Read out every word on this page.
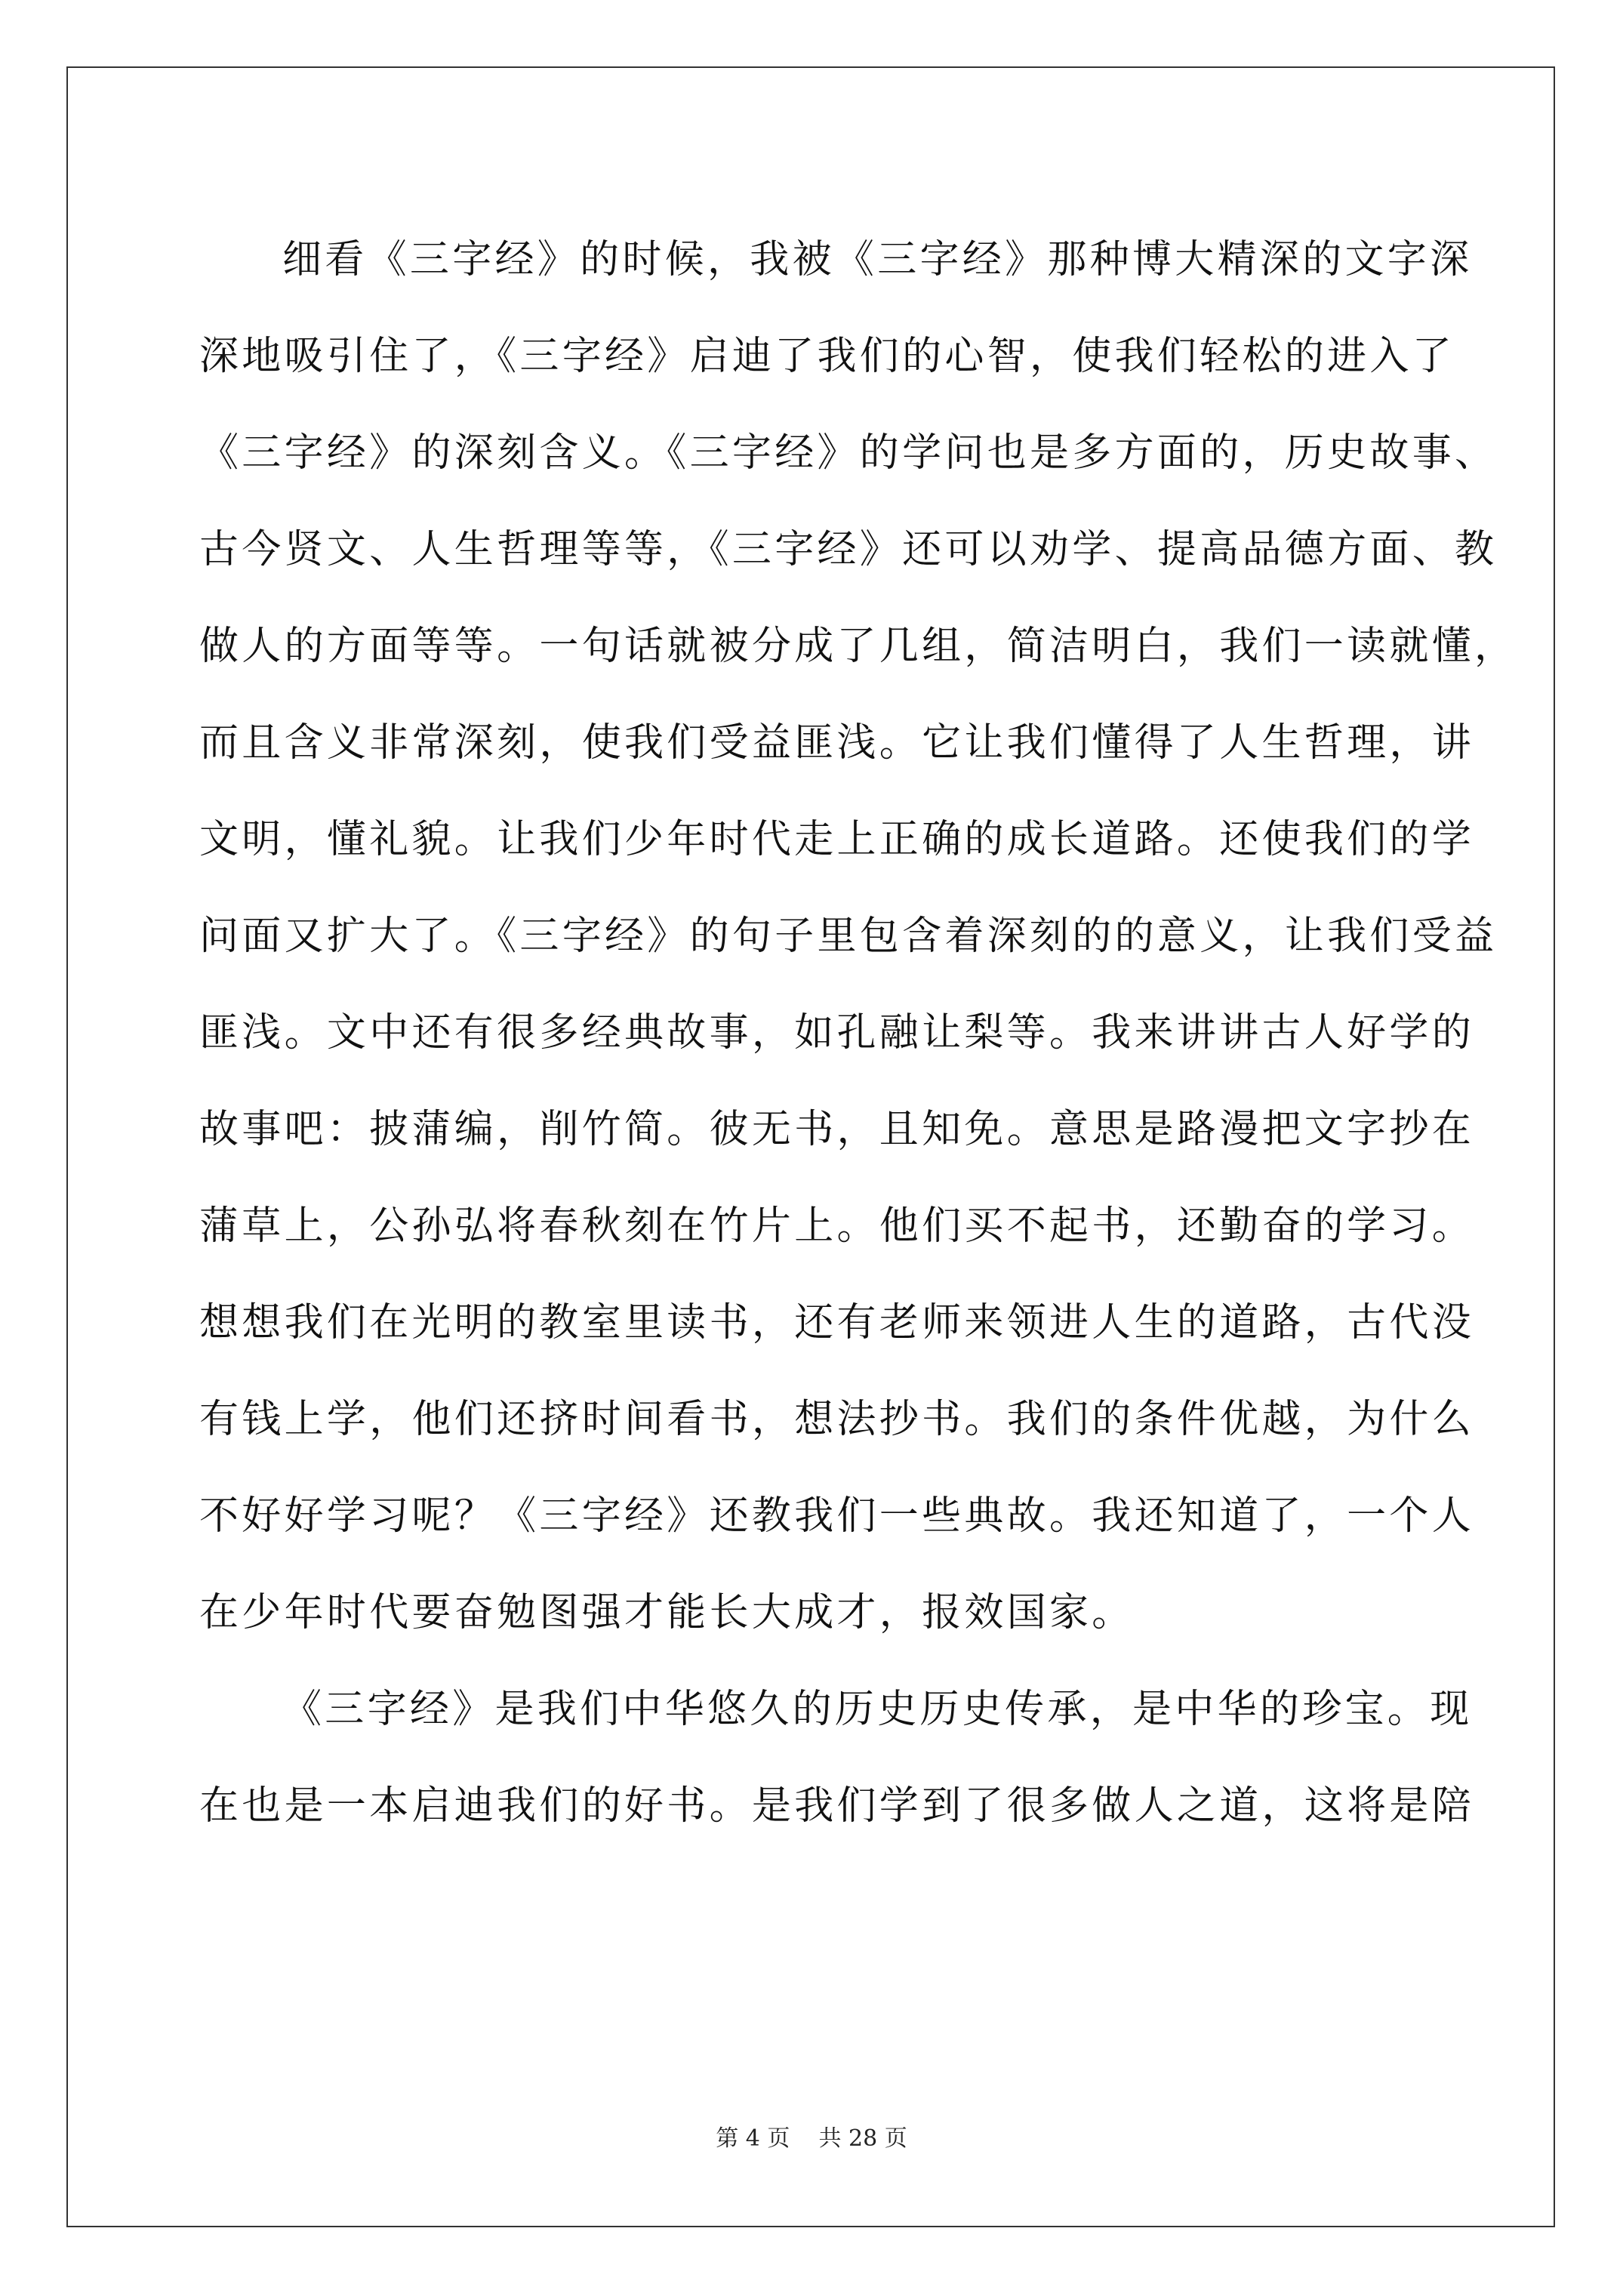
细看《三字经》的时候，我被《三字经》那种博大精深的文字深
深地吸引住了，《三字经》启迪了我们的心智，使我们轻松的进入了
《三字经》的深刻含义。《三字经》的学问也是多方面的，历史故事、
古今贤文、人生哲理等等，《三字经》还可以劝学、提高品德方面、教
做人的方面等等。一句话就被分成了几组，简洁明白，我们一读就懂，
而且含义非常深刻，使我们受益匪浅。它让我们懂得了人生哲理，讲
文明，懂礼貌。让我们少年时代走上正确的成长道路。还使我们的学
问面又扩大了。《三字经》的句子里包含着深刻的的意义，让我们受益
匪浅。文中还有很多经典故事，如孔融让梨等。我来讲讲古人好学的
故事吧：披蒲编，削竹简。彼无书，且知免。意思是路漫把文字抄在
蒲草上，公孙弘将春秋刻在竹片上。他们买不起书，还勤奋的学习。
想想我们在光明的教室里读书，还有老师来领进人生的道路，古代没
有钱上学，他们还挤时间看书，想法抄书。我们的条件优越，为什么
不好好学习呢？《三字经》还教我们一些典故。我还知道了，一个人
在少年时代要奋勉图强才能长大成才，报效国家。
《三字经》是我们中华悠久的历史历史传承，是中华的珍宝。现
在也是一本启迪我们的好书。是我们学到了很多做人之道，这将是陪
第 4 页    共 28 页
